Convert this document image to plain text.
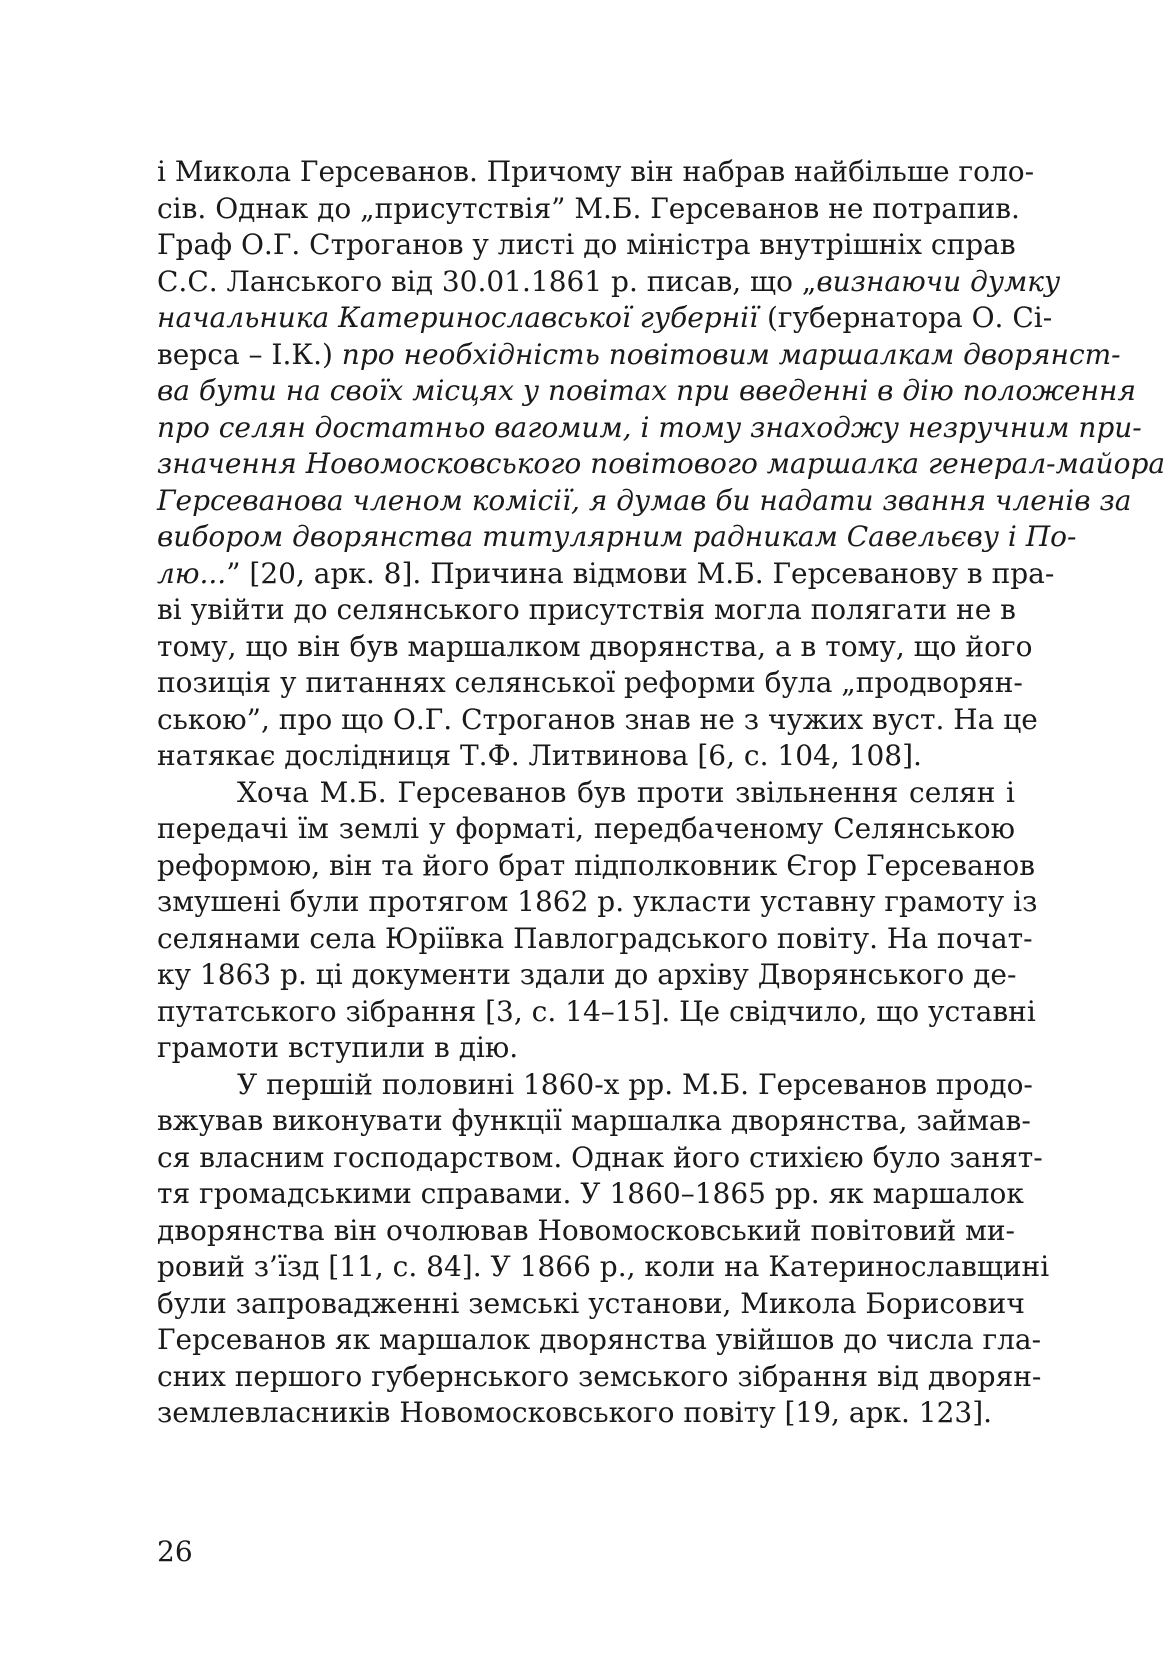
і Микола Герсеванов. Причому він набрав найбільше голо-
сів. Однак до „присутствія” М.Б. Герсеванов не потрапив.
Граф О.Г. Строганов у листі до міністра внутрішніх справ
С.С. Ланського від 30.01.1861 р. писав, що „визнаючи думку
начальника Катеринославської губернії (губернатора О. Сі-
верса – І.К.) про необхідність повітовим маршалкам дворянст-
ва бути на своїх місцях у повітах при введенні в дію положення
про селян достатньо вагомим, і тому знаходжу незручним при-
значення Новомосковського повітового маршалка генерал-майора
Герсеванова членом комісії, я думав би надати звання членів за
вибором дворянства титулярним радникам Савельєву і По-
лю...” [20, арк. 8]. Причина відмови М.Б. Герсеванову в пра-
ві увійти до селянського присутствія могла полягати не в
тому, що він був маршалком дворянства, а в тому, що його
позиція у питаннях селянської реформи була „продворян-
ською”, про що О.Г. Строганов знав не з чужих вуст. На це
натякає дослідниця Т.Ф. Литвинова [6, с. 104, 108].
Хоча М.Б. Герсеванов був проти звільнення селян і
передачі їм землі у форматі, передбаченому Селянською
реформою, він та його брат підполковник Єгор Герсеванов
змушені були протягом 1862 р. укласти уставну грамоту із
селянами села Юріївка Павлоградського повіту. На почат-
ку 1863 р. ці документи здали до архіву Дворянського де-
путатського зібрання [3, с. 14–15]. Це свідчило, що уставні
грамоти вступили в дію.
У першій половині 1860-х рр. М.Б. Герсеванов продо-
вжував виконувати функції маршалка дворянства, займав-
ся власним господарством. Однак його стихією було занят-
тя громадськими справами. У 1860–1865 рр. як маршалок
дворянства він очолював Новомосковський повітовий ми-
ровий з’їзд [11, с. 84]. У 1866 р., коли на Катеринославщині
були запровадженні земські установи, Микола Борисович
Герсеванов як маршалок дворянства увійшов до числа гла-
сних першого губернського земського зібрання від дворян-
землевласників Новомосковського повіту [19, арк. 123].
26
